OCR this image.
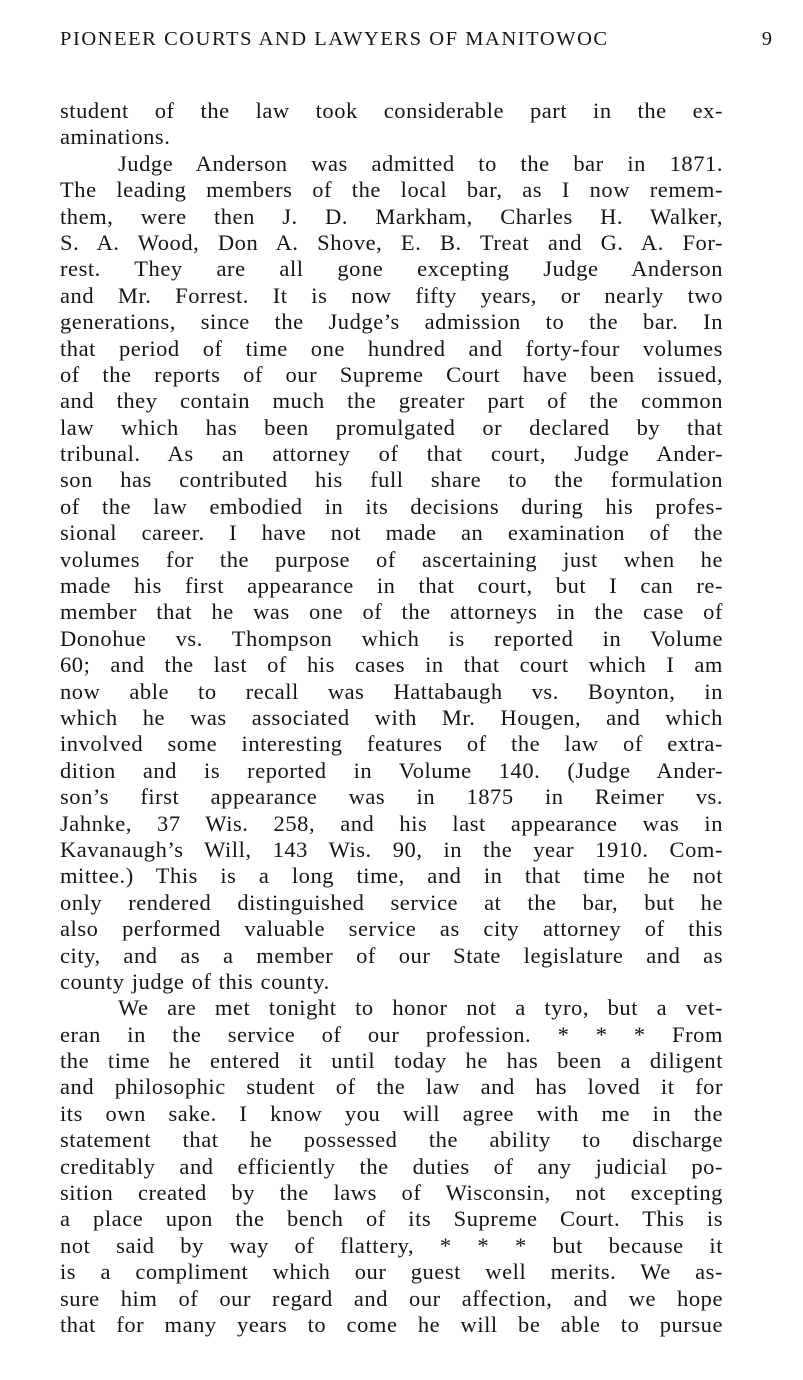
PIONEER COURTS AND LAWYERS OF MANITOWOC	9
student of the law took considerable part in the ex-
aminations.
Judge Anderson was admitted to the bar in 1871.
The leading members of the local bar, as I now remem-
them, were then J. D. Markham, Charles H. Walker,
S. A. Wood, Don A. Shove, E. B. Treat and G. A. For-
rest. They are all gone excepting Judge Anderson
and Mr. Forrest. It is now fifty years, or nearly two
generations, since the Judge’s admission to the bar. In
that period of time one hundred and forty-four volumes
of the reports of our Supreme Court have been issued,
and they contain much the greater part of the common
law which has been promulgated or declared by that
tribunal. As an attorney of that court, Judge Ander-
son has contributed his full share to the formulation
of the law embodied in its decisions during his profes-
sional career. I have not made an examination of the
volumes for the purpose of ascertaining just when he
made his first appearance in that court, but I can re-
member that he was one of the attorneys in the case of
Donohue vs. Thompson which is reported in Volume
60; and the last of his cases in that court which I am
now able to recall was Hattabaugh vs. Boynton, in
which he was associated with Mr. Hougen, and which
involved some interesting features of the law of extra-
dition and is reported in Volume 140. (Judge Ander-
son’s first appearance was in 1875 in Reimer vs.
Jahnke, 37 Wis. 258, and his last appearance was in
Kavanaugh’s Will, 143 Wis. 90, in the year 1910. Com-
mittee.) This is a long time, and in that time he not
only rendered distinguished service at the bar, but he
also performed valuable service as city attorney of this
city, and as a member of our State legislature and as
county judge of this county.
We are met tonight to honor not a tyro, but a vet-
eran in the service of our profession. * * * From
the time he entered it until today he has been a diligent
and philosophic student of the law and has loved it for
its own sake. I know you will agree with me in the
statement that he possessed the ability to discharge
creditably and efficiently the duties of any judicial po-
sition created by the laws of Wisconsin, not excepting
a place upon the bench of its Supreme Court. This is
not said by way of flattery, * * * but because it
is a compliment which our guest well merits. We as-
sure him of our regard and our affection, and we hope
that for many years to come he will be able to pursue
